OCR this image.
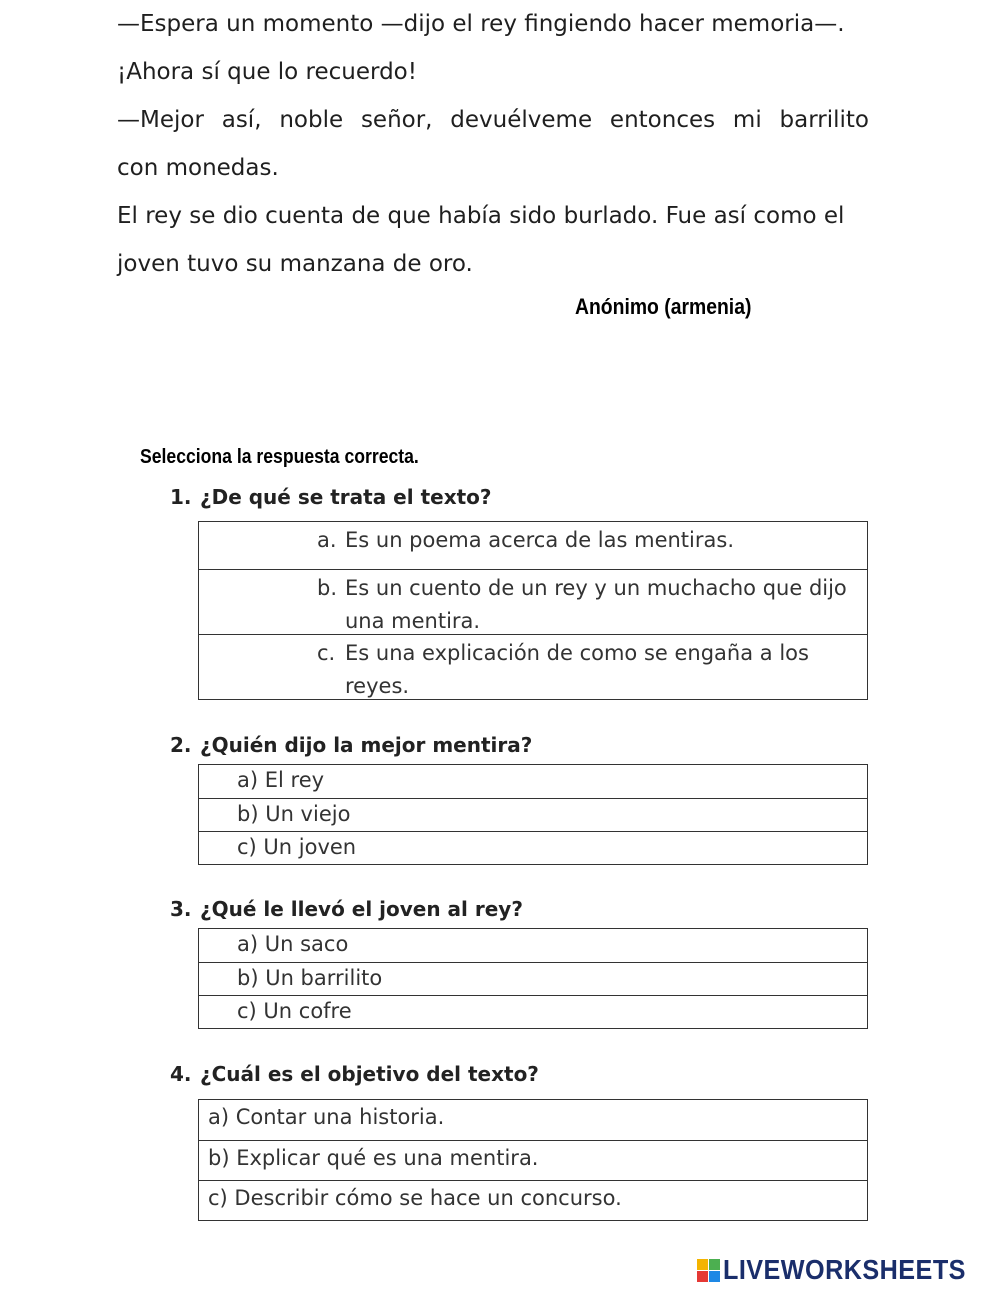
—Espera un momento —dijo el rey fingiendo hacer memoria—.

¡Ahora sí que lo recuerdo!

—Mejor así, noble señor, devuélveme entonces mi barrilito

con monedas.

El rey se dio cuenta de que había sido burlado. Fue así como el

joven tuvo su manzana de oro.

Anónimo (armenia)
Selecciona la respuesta correcta.
1. ¿De qué se trata el texto?
a. Es un poema acerca de las mentiras.
b. Es un cuento de un rey y un muchacho que dijo una mentira.
c. Es una explicación de como se engaña a los reyes.
2. ¿Quién dijo la mejor mentira?
a) El rey
b) Un viejo
c) Un joven
3. ¿Qué le llevó el joven al rey?
a) Un saco
b) Un barrilito
c) Un cofre
4. ¿Cuál es el objetivo del texto?
a) Contar una historia.
b) Explicar qué es una mentira.
c) Describir cómo se hace un concurso.
LIVEWORKSHEETS
